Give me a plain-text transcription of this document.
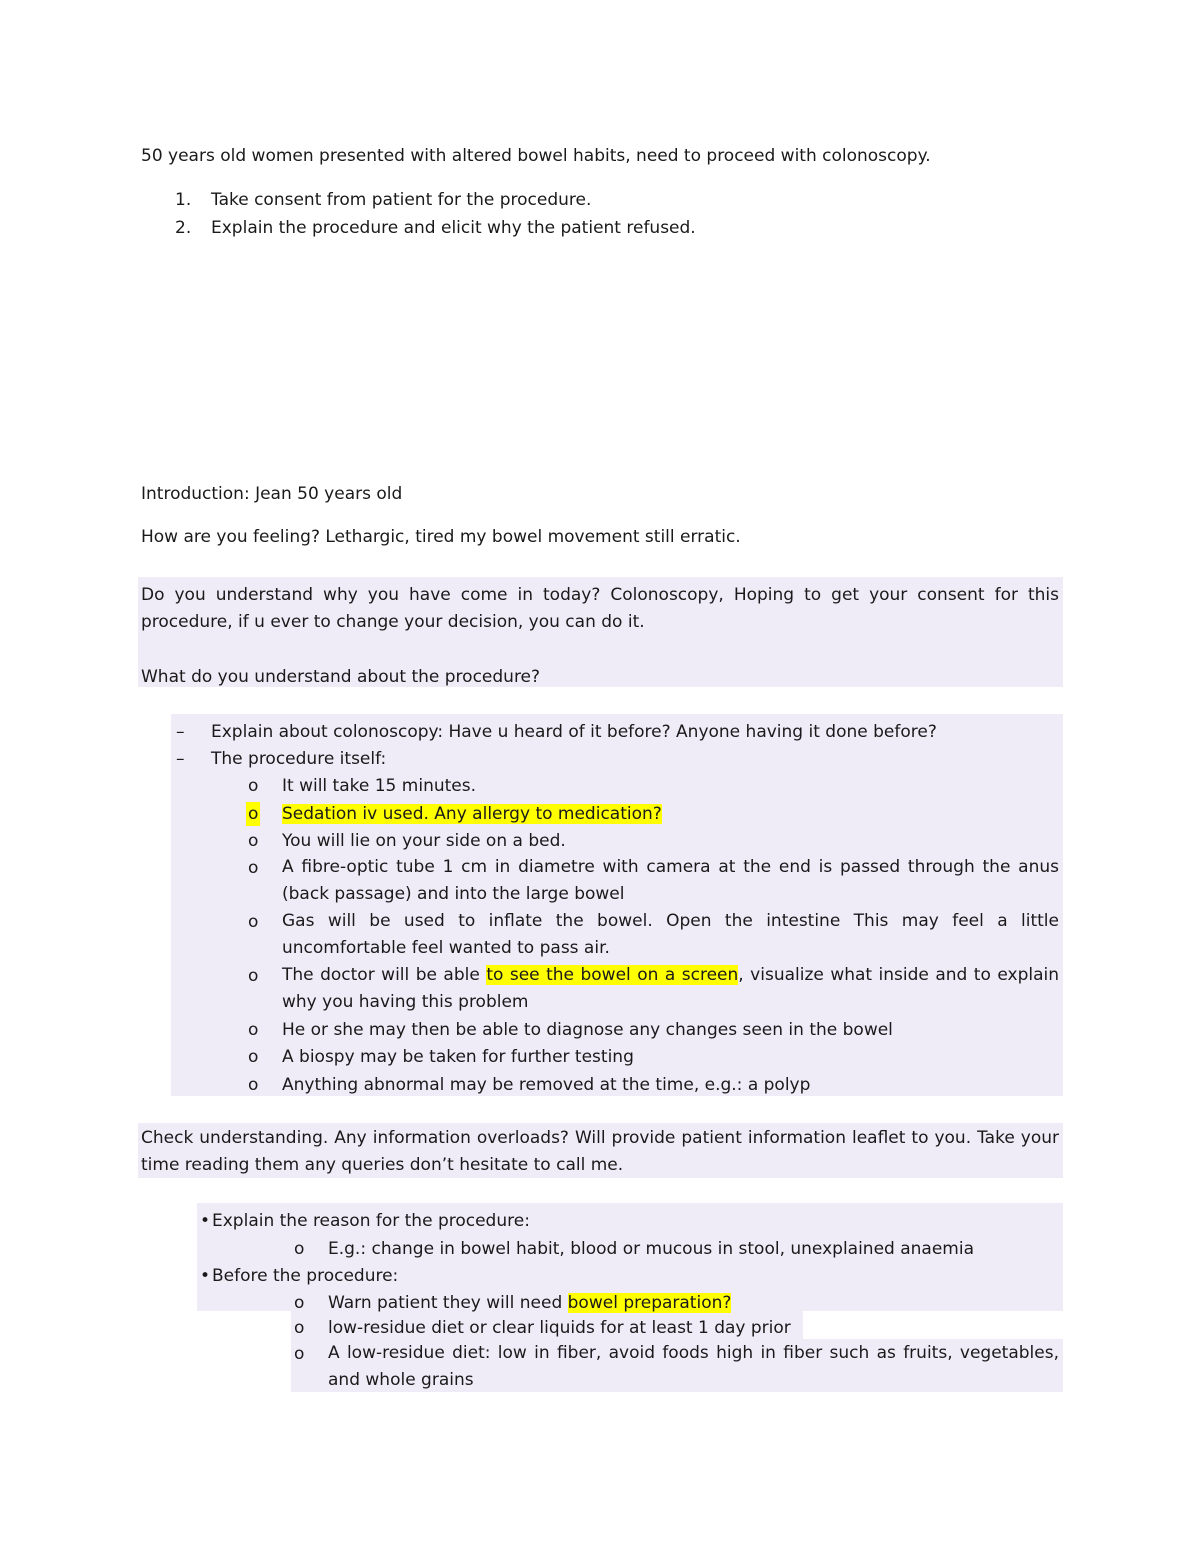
50 years old women presented with altered bowel habits, need to proceed with colonoscopy.
1. Take consent from patient for the procedure.
2. Explain the procedure and elicit why the patient refused.
Introduction: Jean 50 years old
How are you feeling? Lethargic, tired my bowel movement still erratic.
Do you understand why you have come in today? Colonoscopy, Hoping to get your consent for this procedure, if u ever to change your decision, you can do it.
What do you understand about the procedure?
– Explain about colonoscopy: Have u heard of it before? Anyone having it done before?
– The procedure itself:
o It will take 15 minutes.
o Sedation iv used. Any allergy to medication?
o You will lie on your side on a bed.
o A fibre-optic tube 1 cm in diametre with camera at the end is passed through the anus (back passage) and into the large bowel
o Gas will be used to inflate the bowel. Open the intestine This may feel a little uncomfortable feel wanted to pass air.
o The doctor will be able to see the bowel on a screen, visualize what inside and to explain why you having this problem
o He or she may then be able to diagnose any changes seen in the bowel
o A biospy may be taken for further testing
o Anything abnormal may be removed at the time, e.g.: a polyp
Check understanding. Any information overloads? Will provide patient information leaflet to you. Take your time reading them any queries don’t hesitate to call me.
• Explain the reason for the procedure:
o E.g.: change in bowel habit, blood or mucous in stool, unexplained anaemia
• Before the procedure:
o Warn patient they will need bowel preparation?
o low-residue diet or clear liquids for at least 1 day prior
o A low-residue diet: low in fiber, avoid foods high in fiber such as fruits, vegetables, and whole grains
